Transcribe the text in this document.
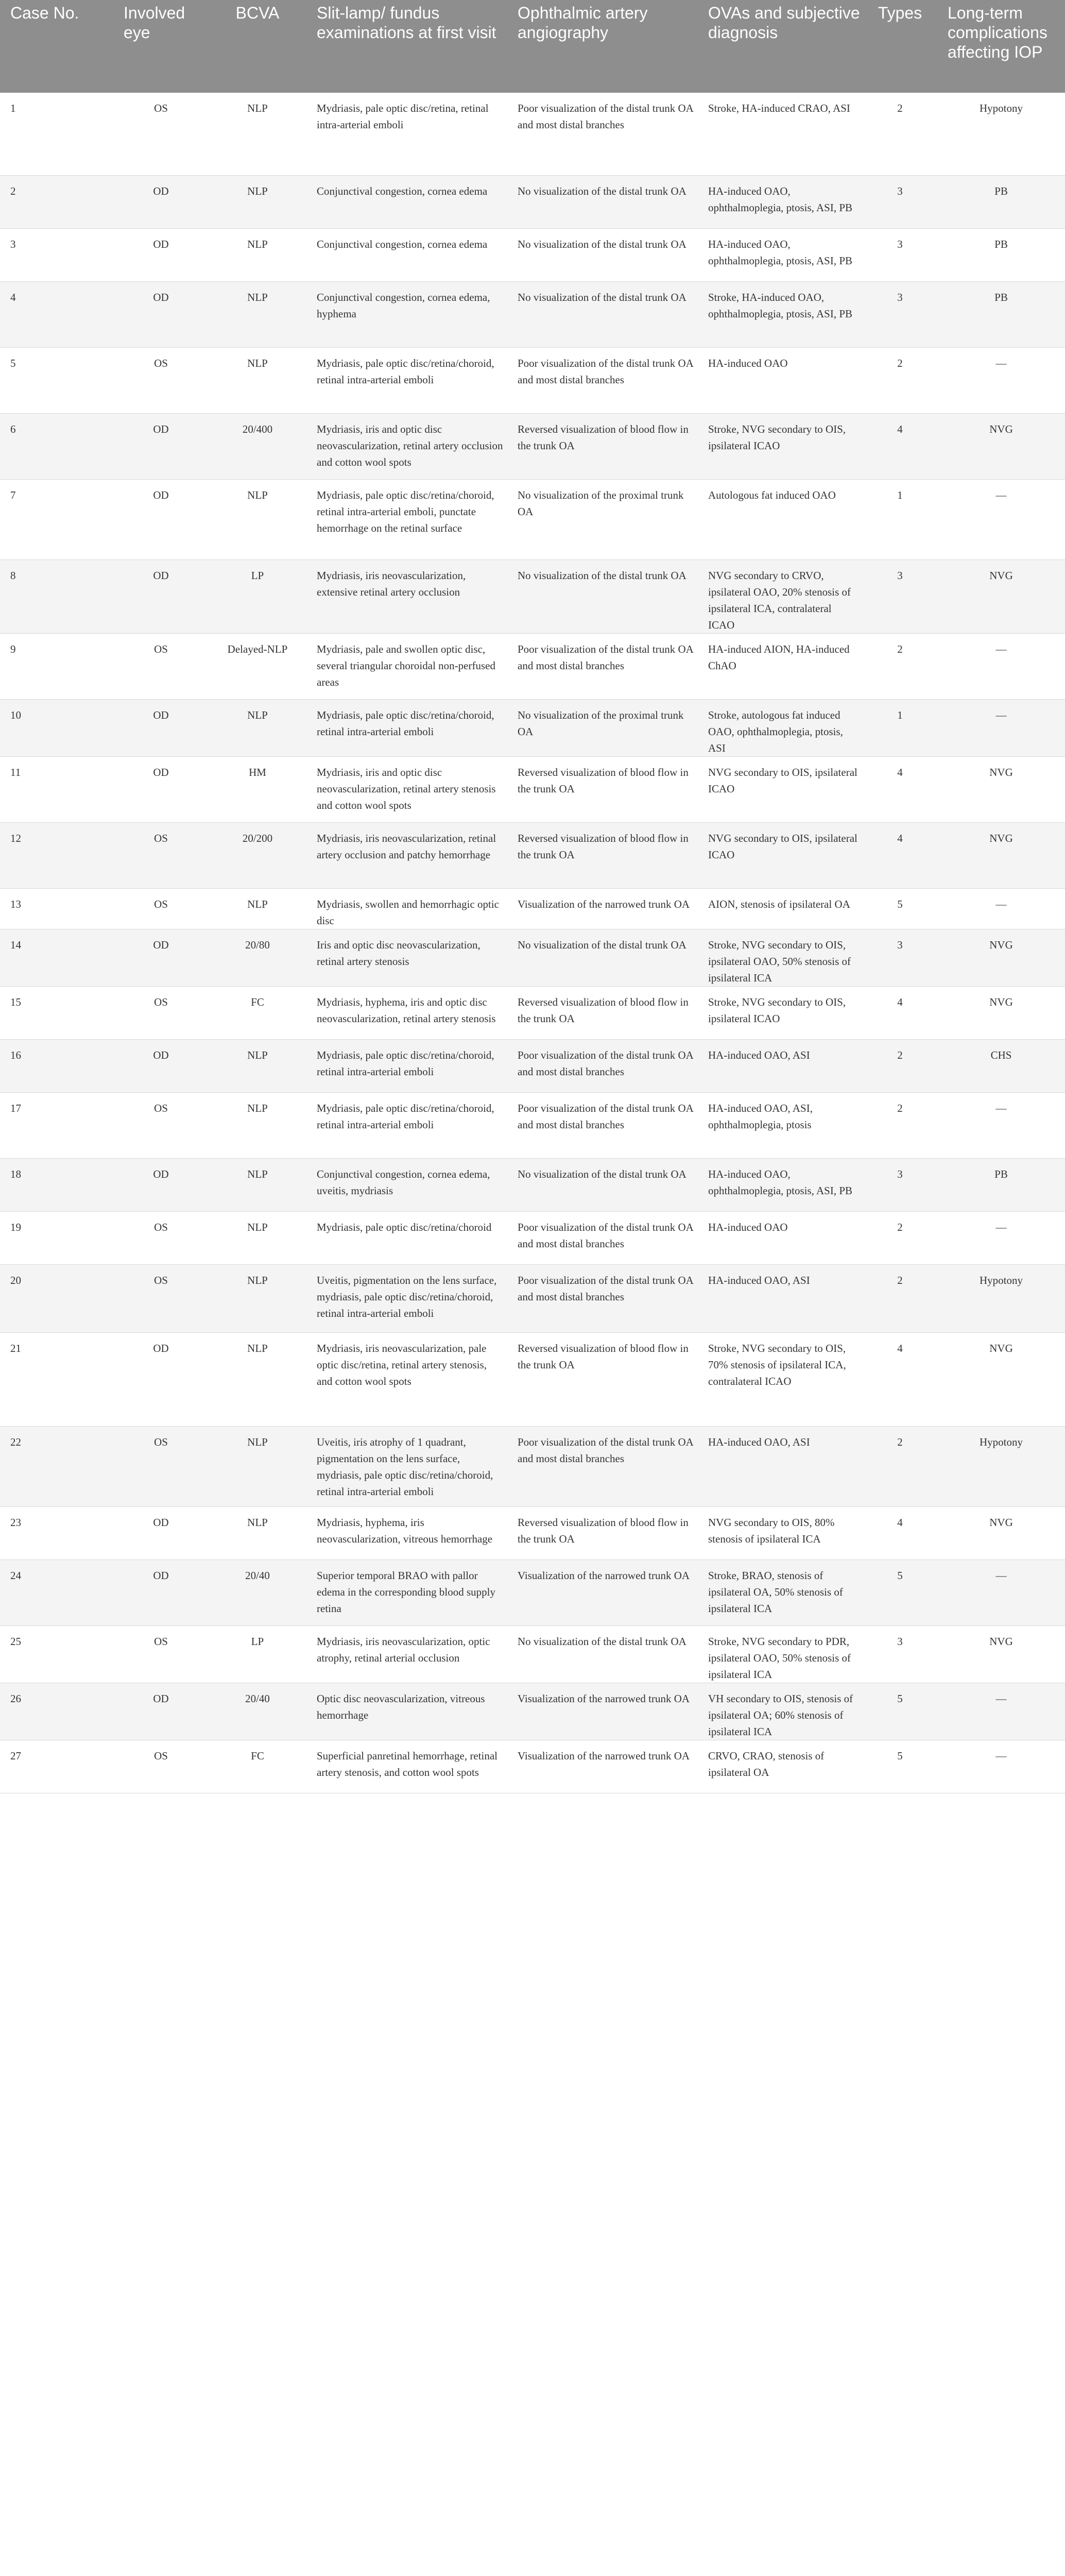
Case No.	Involved eye	BCVA	Slit-lamp/ fundus examinations at first visit	Ophthalmic artery angiography	OVAs and subjective diagnosis	Types	Long-term complications affecting IOP
1	OS	NLP	Mydriasis, pale optic disc/retina, retinal intra-arterial emboli	Poor visualization of the distal trunk OA and most distal branches	Stroke, HA-induced CRAO, ASI	2	Hypotony
2	OD	NLP	Conjunctival congestion, cornea edema	No visualization of the distal trunk OA	HA-induced OAO, ophthalmoplegia, ptosis, ASI, PB	3	PB
3	OD	NLP	Conjunctival congestion, cornea edema	No visualization of the distal trunk OA	HA-induced OAO, ophthalmoplegia, ptosis, ASI, PB	3	PB
4	OD	NLP	Conjunctival congestion, cornea edema, hyphema	No visualization of the distal trunk OA	Stroke, HA-induced OAO, ophthalmoplegia, ptosis, ASI, PB	3	PB
5	OS	NLP	Mydriasis, pale optic disc/retina/choroid, retinal intra-arterial emboli	Poor visualization of the distal trunk OA and most distal branches	HA-induced OAO	2	—
6	OD	20/400	Mydriasis, iris and optic disc neovascularization, retinal artery occlusion and cotton wool spots	Reversed visualization of blood flow in the trunk OA	Stroke, NVG secondary to OIS, ipsilateral ICAO	4	NVG
7	OD	NLP	Mydriasis, pale optic disc/retina/choroid, retinal intra-arterial emboli, punctate hemorrhage on the retinal surface	No visualization of the proximal trunk OA	Autologous fat induced OAO	1	—
8	OD	LP	Mydriasis, iris neovascularization, extensive retinal artery occlusion	No visualization of the distal trunk OA	NVG secondary to CRVO, ipsilateral OAO, 20% stenosis of ipsilateral ICA, contralateral ICAO	3	NVG
9	OS	Delayed-NLP	Mydriasis, pale and swollen optic disc, several triangular choroidal non-perfused areas	Poor visualization of the distal trunk OA and most distal branches	HA-induced AION, HA-induced ChAO	2	—
10	OD	NLP	Mydriasis, pale optic disc/retina/choroid, retinal intra-arterial emboli	No visualization of the proximal trunk OA	Stroke, autologous fat induced OAO, ophthalmoplegia, ptosis, ASI	1	—
11	OD	HM	Mydriasis, iris and optic disc neovascularization, retinal artery stenosis and cotton wool spots	Reversed visualization of blood flow in the trunk OA	NVG secondary to OIS, ipsilateral ICAO	4	NVG
12	OS	20/200	Mydriasis, iris neovascularization, retinal artery occlusion and patchy hemorrhage	Reversed visualization of blood flow in the trunk OA	NVG secondary to OIS, ipsilateral ICAO	4	NVG
13	OS	NLP	Mydriasis, swollen and hemorrhagic optic disc	Visualization of the narrowed trunk OA	AION, stenosis of ipsilateral OA	5	—
14	OD	20/80	Iris and optic disc neovascularization, retinal artery stenosis	No visualization of the distal trunk OA	Stroke, NVG secondary to OIS, ipsilateral OAO, 50% stenosis of ipsilateral ICA	3	NVG
15	OS	FC	Mydriasis, hyphema, iris and optic disc neovascularization, retinal artery stenosis	Reversed visualization of blood flow in the trunk OA	Stroke, NVG secondary to OIS, ipsilateral ICAO	4	NVG
16	OD	NLP	Mydriasis, pale optic disc/retina/choroid, retinal intra-arterial emboli	Poor visualization of the distal trunk OA and most distal branches	HA-induced OAO, ASI	2	CHS
17	OS	NLP	Mydriasis, pale optic disc/retina/choroid, retinal intra-arterial emboli	Poor visualization of the distal trunk OA and most distal branches	HA-induced OAO, ASI, ophthalmoplegia, ptosis	2	—
18	OD	NLP	Conjunctival congestion, cornea edema, uveitis, mydriasis	No visualization of the distal trunk OA	HA-induced OAO, ophthalmoplegia, ptosis, ASI, PB	3	PB
19	OS	NLP	Mydriasis, pale optic disc/retina/choroid	Poor visualization of the distal trunk OA and most distal branches	HA-induced OAO	2	—
20	OS	NLP	Uveitis, pigmentation on the lens surface, mydriasis, pale optic disc/retina/choroid, retinal intra-arterial emboli	Poor visualization of the distal trunk OA and most distal branches	HA-induced OAO, ASI	2	Hypotony
21	OD	NLP	Mydriasis, iris neovascularization, pale optic disc/retina, retinal artery stenosis, and cotton wool spots	Reversed visualization of blood flow in the trunk OA	Stroke, NVG secondary to OIS, 70% stenosis of ipsilateral ICA, contralateral ICAO	4	NVG
22	OS	NLP	Uveitis, iris atrophy of 1 quadrant, pigmentation on the lens surface, mydriasis, pale optic disc/retina/choroid, retinal intra-arterial emboli	Poor visualization of the distal trunk OA and most distal branches	HA-induced OAO, ASI	2	Hypotony
23	OD	NLP	Mydriasis, hyphema, iris neovascularization, vitreous hemorrhage	Reversed visualization of blood flow in the trunk OA	NVG secondary to OIS, 80% stenosis of ipsilateral ICA	4	NVG
24	OD	20/40	Superior temporal BRAO with pallor edema in the corresponding blood supply retina	Visualization of the narrowed trunk OA	Stroke, BRAO, stenosis of ipsilateral OA, 50% stenosis of ipsilateral ICA	5	—
25	OS	LP	Mydriasis, iris neovascularization, optic atrophy, retinal arterial occlusion	No visualization of the distal trunk OA	Stroke, NVG secondary to PDR, ipsilateral OAO, 50% stenosis of ipsilateral ICA	3	NVG
26	OD	20/40	Optic disc neovascularization, vitreous hemorrhage	Visualization of the narrowed trunk OA	VH secondary to OIS, stenosis of ipsilateral OA; 60% stenosis of ipsilateral ICA	5	—
27	OS	FC	Superficial panretinal hemorrhage, retinal artery stenosis, and cotton wool spots	Visualization of the narrowed trunk OA	CRVO, CRAO, stenosis of ipsilateral OA	5	—
